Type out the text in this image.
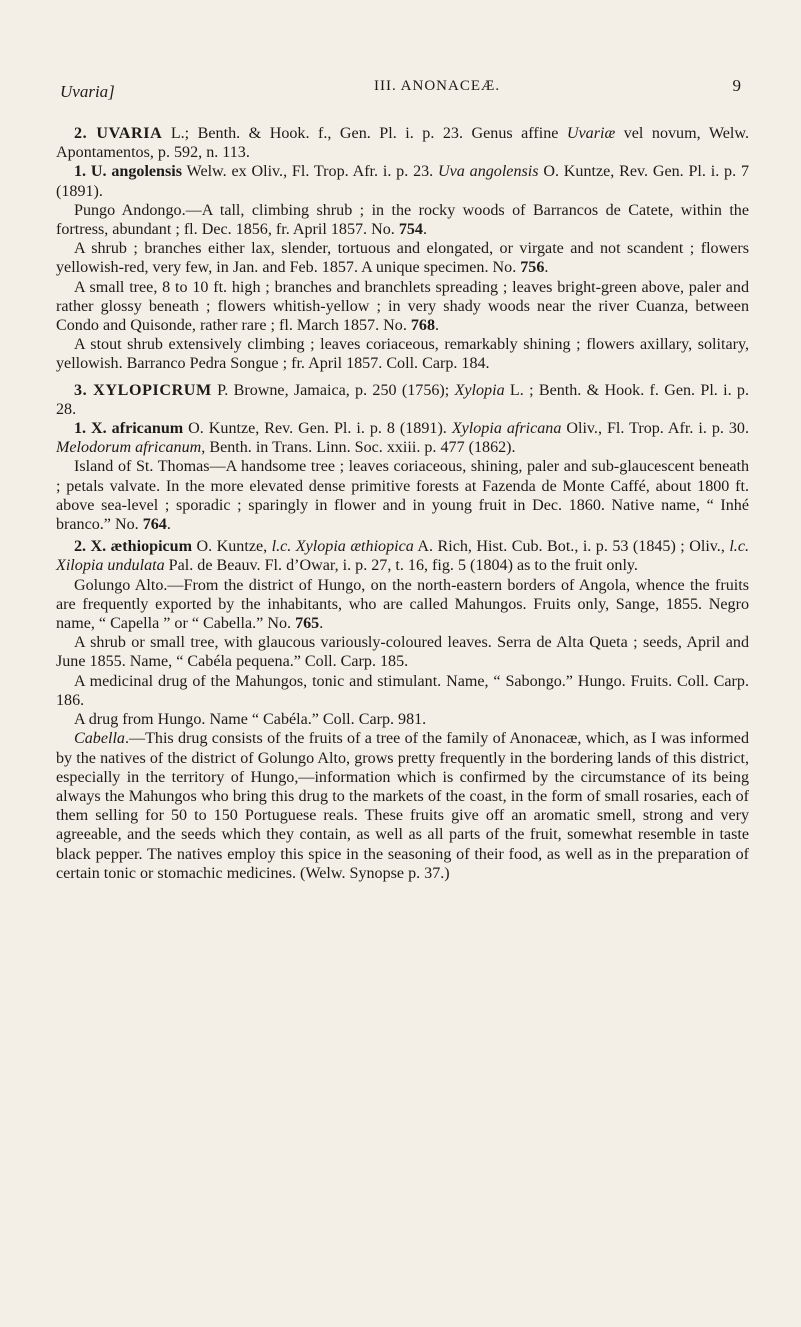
Uvaria]	III. ANONACEÆ.	9

2. UVARIA L.; Benth. & Hook. f., Gen. Pl. i. p. 23. Genus affine Uvariæ vel novum, Welw. Apontamentos, p. 592, n. 113.

1. U. angolensis Welw. ex Oliv., Fl. Trop. Afr. i. p. 23. Uva angolensis O. Kuntze, Rev. Gen. Pl. i. p. 7 (1891).

Pungo Andongo.—A tall, climbing shrub ; in the rocky woods of Barrancos de Catete, within the fortress, abundant ; fl. Dec. 1856, fr. April 1857. No. 754.

A shrub ; branches either lax, slender, tortuous and elongated, or virgate and not scandent ; flowers yellowish-red, very few, in Jan. and Feb. 1857. A unique specimen. No. 756.

A small tree, 8 to 10 ft. high ; branches and branchlets spreading ; leaves bright-green above, paler and rather glossy beneath ; flowers whitish-yellow ; in very shady woods near the river Cuanza, between Condo and Quisonde, rather rare ; fl. March 1857. No. 768.

A stout shrub extensively climbing ; leaves coriaceous, remarkably shining ; flowers axillary, solitary, yellowish. Barranco Pedra Songue ; fr. April 1857. Coll. Carp. 184.

3. XYLOPICRUM P. Browne, Jamaica, p. 250 (1756); Xylopia L. ; Benth. & Hook. f. Gen. Pl. i. p. 28.

1. X. africanum O. Kuntze, Rev. Gen. Pl. i. p. 8 (1891). Xylopia africana Oliv., Fl. Trop. Afr. i. p. 30. Melodorum africanum, Benth. in Trans. Linn. Soc. xxiii. p. 477 (1862).

Island of St. Thomas—A handsome tree ; leaves coriaceous, shining, paler and sub-glaucescent beneath ; petals valvate. In the more elevated dense primitive forests at Fazenda de Monte Caffé, about 1800 ft. above sea-level ; sporadic ; sparingly in flower and in young fruit in Dec. 1860. Native name, “ Inhé branco.” No. 764.

2. X. æthiopicum O. Kuntze, l.c. Xylopia æthiopica A. Rich, Hist. Cub. Bot., i. p. 53 (1845) ; Oliv., l.c. Xilopia undulata Pal. de Beauv. Fl. d’Owar, i. p. 27, t. 16, fig. 5 (1804) as to the fruit only.

Golungo Alto.—From the district of Hungo, on the north-eastern borders of Angola, whence the fruits are frequently exported by the inhabitants, who are called Mahungos. Fruits only, Sange, 1855. Negro name, “ Capella ” or “ Cabella.” No. 765.

A shrub or small tree, with glaucous variously-coloured leaves. Serra de Alta Queta ; seeds, April and June 1855. Name, “ Cabéla pequena.” Coll. Carp. 185.

A medicinal drug of the Mahungos, tonic and stimulant. Name, “ Sabongo.” Hungo. Fruits. Coll. Carp. 186.

A drug from Hungo. Name “ Cabéla.” Coll. Carp. 981.

Cabella.—This drug consists of the fruits of a tree of the family of Anonaceæ, which, as I was informed by the natives of the district of Golungo Alto, grows pretty frequently in the bordering lands of this district, especially in the territory of Hungo,—information which is confirmed by the circumstance of its being always the Mahungos who bring this drug to the markets of the coast, in the form of small rosaries, each of them selling for 50 to 150 Portuguese reals. These fruits give off an aromatic smell, strong and very agreeable, and the seeds which they contain, as well as all parts of the fruit, somewhat resemble in taste black pepper. The natives employ this spice in the seasoning of their food, as well as in the preparation of certain tonic or stomachic medicines. (Welw. Synopse p. 37.)
